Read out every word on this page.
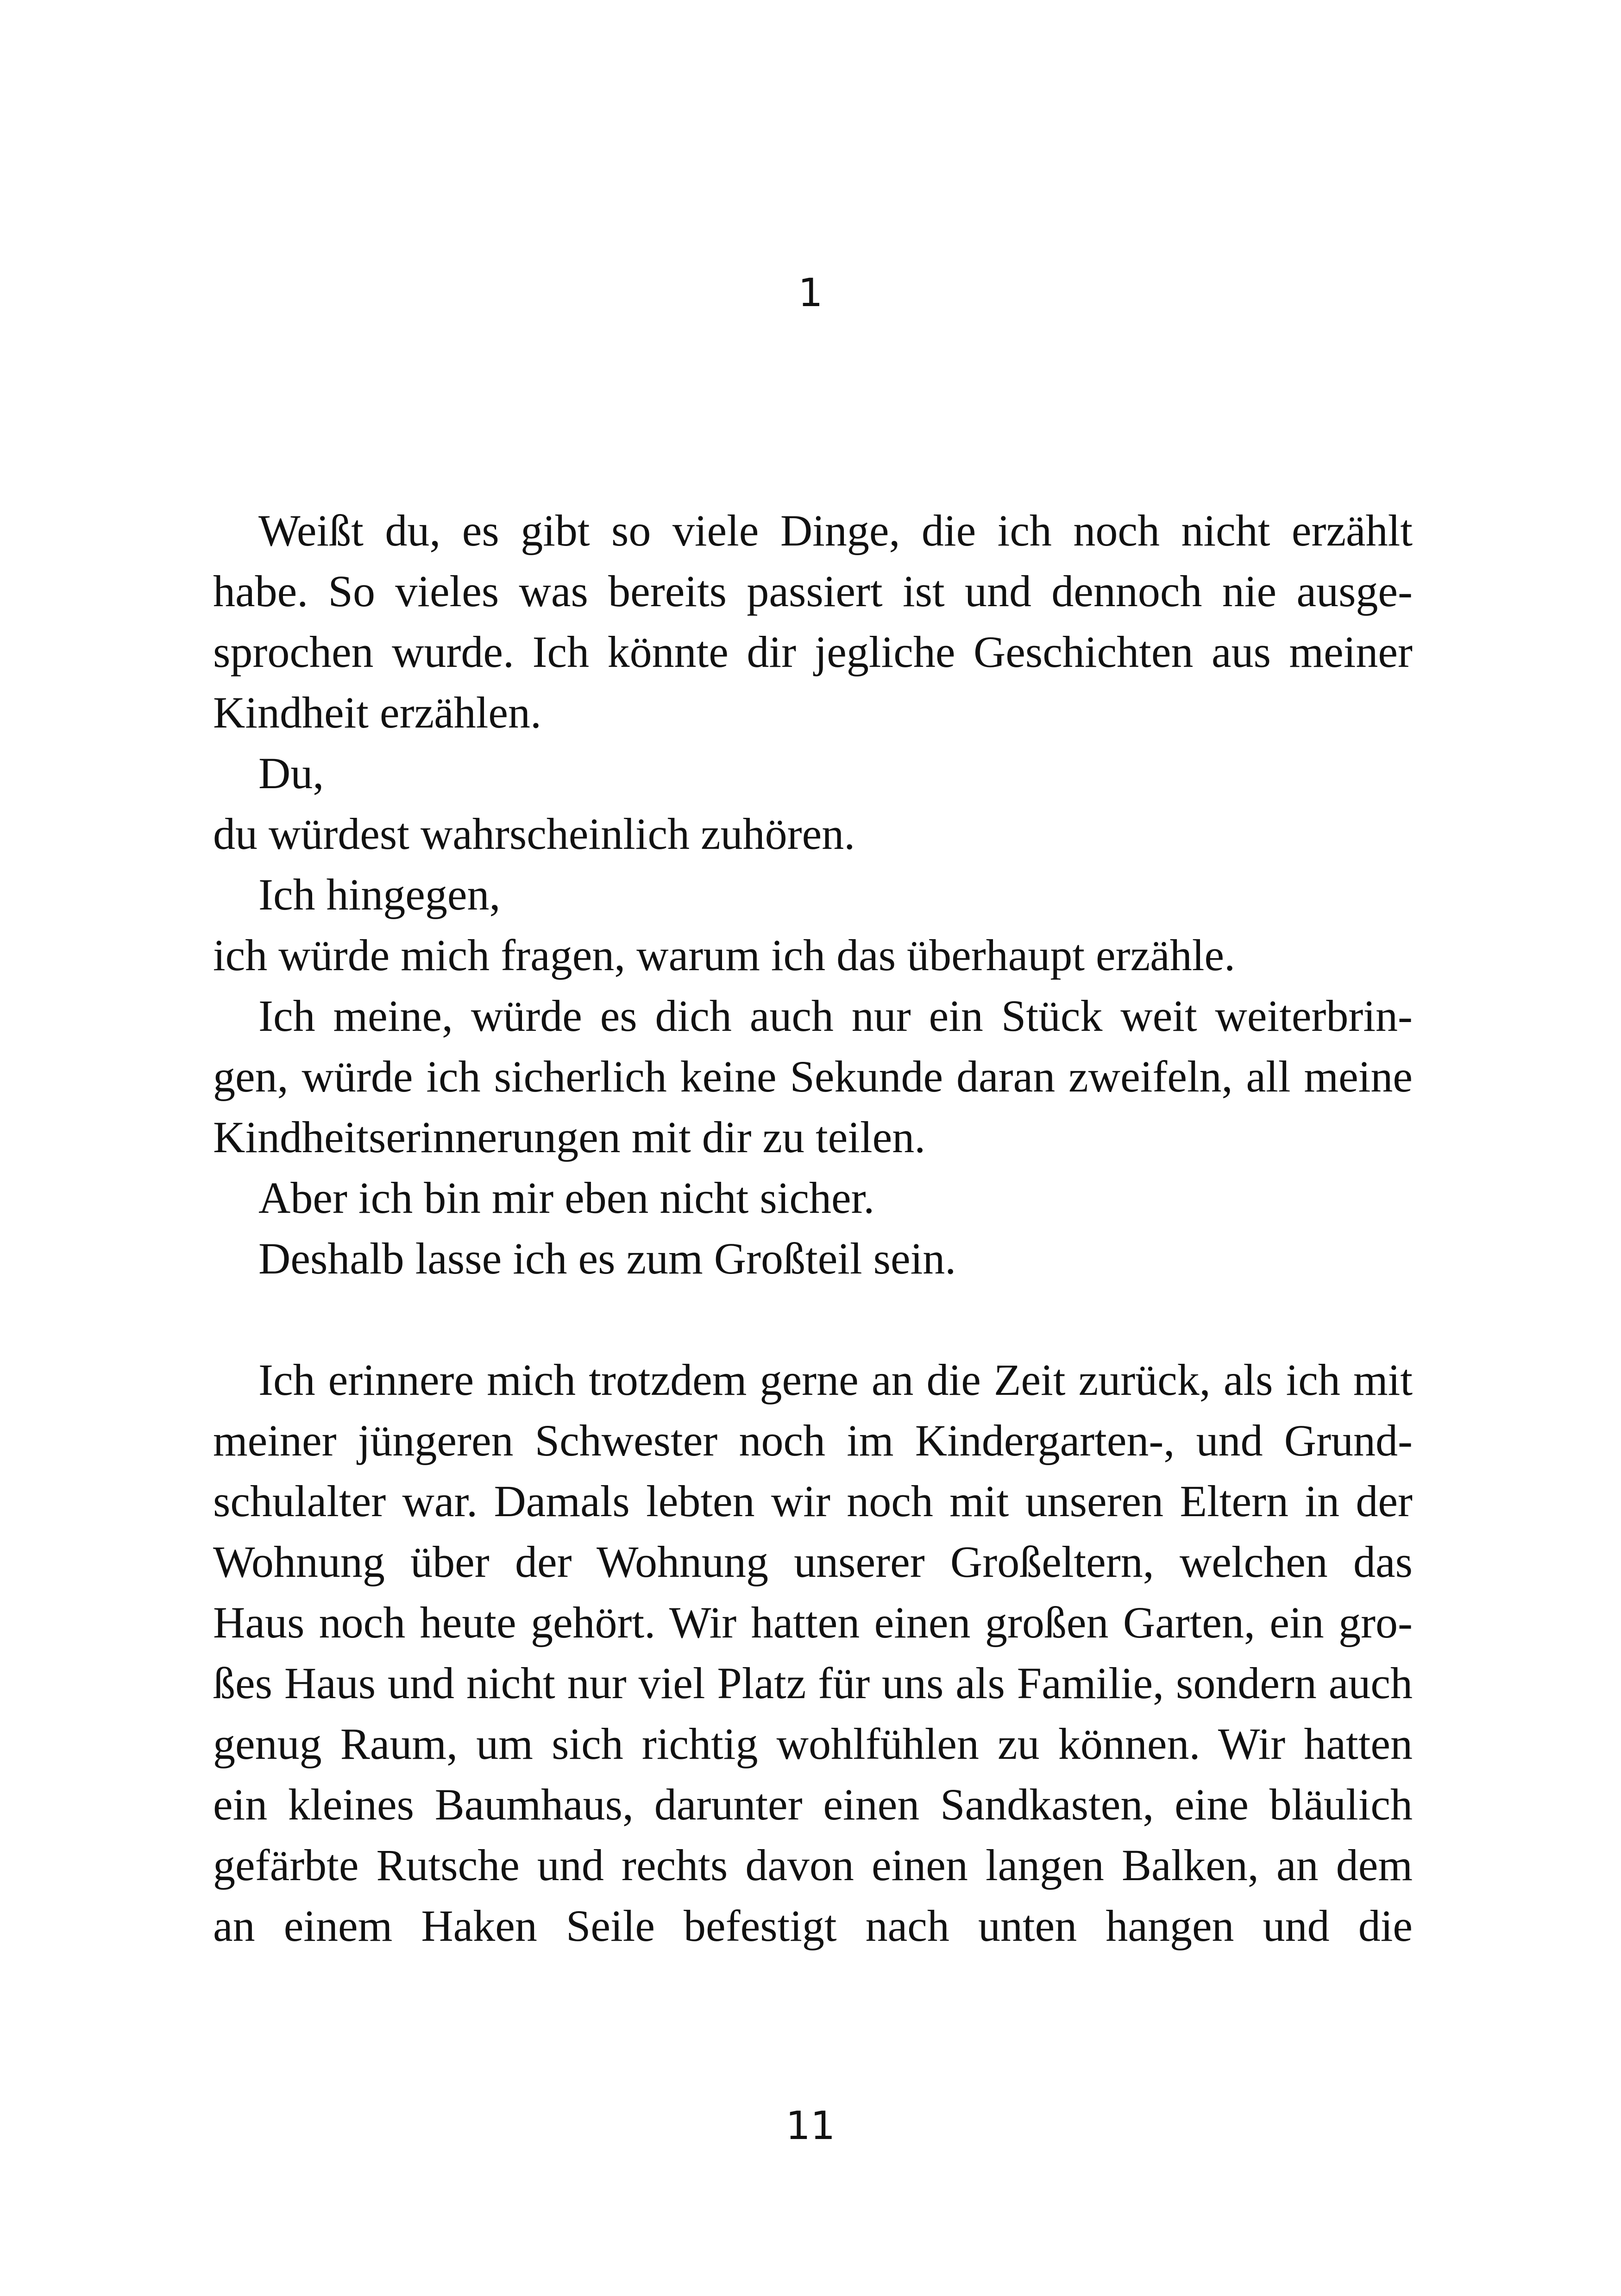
1
Weißt du, es gibt so viele Dinge, die ich noch nicht erzählt
habe. So vieles was bereits passiert ist und dennoch nie ausge-
sprochen wurde. Ich könnte dir jegliche Geschichten aus meiner
Kindheit erzählen.
Du,
du würdest wahrscheinlich zuhören.
Ich hingegen,
ich würde mich fragen, warum ich das überhaupt erzähle.
Ich meine, würde es dich auch nur ein Stück weit weiterbrin-
gen, würde ich sicherlich keine Sekunde daran zweifeln, all meine
Kindheitserinnerungen mit dir zu teilen.
Aber ich bin mir eben nicht sicher.
Deshalb lasse ich es zum Großteil sein.
Ich erinnere mich trotzdem gerne an die Zeit zurück, als ich mit
meiner jüngeren Schwester noch im Kindergarten-, und Grund-
schulalter war. Damals lebten wir noch mit unseren Eltern in der
Wohnung über der Wohnung unserer Großeltern, welchen das
Haus noch heute gehört. Wir hatten einen großen Garten, ein gro-
ßes Haus und nicht nur viel Platz für uns als Familie, sondern auch
genug Raum, um sich richtig wohlfühlen zu können. Wir hatten
ein kleines Baumhaus, darunter einen Sandkasten, eine bläulich
gefärbte Rutsche und rechts davon einen langen Balken, an dem
an einem Haken Seile befestigt nach unten hangen und die
11
